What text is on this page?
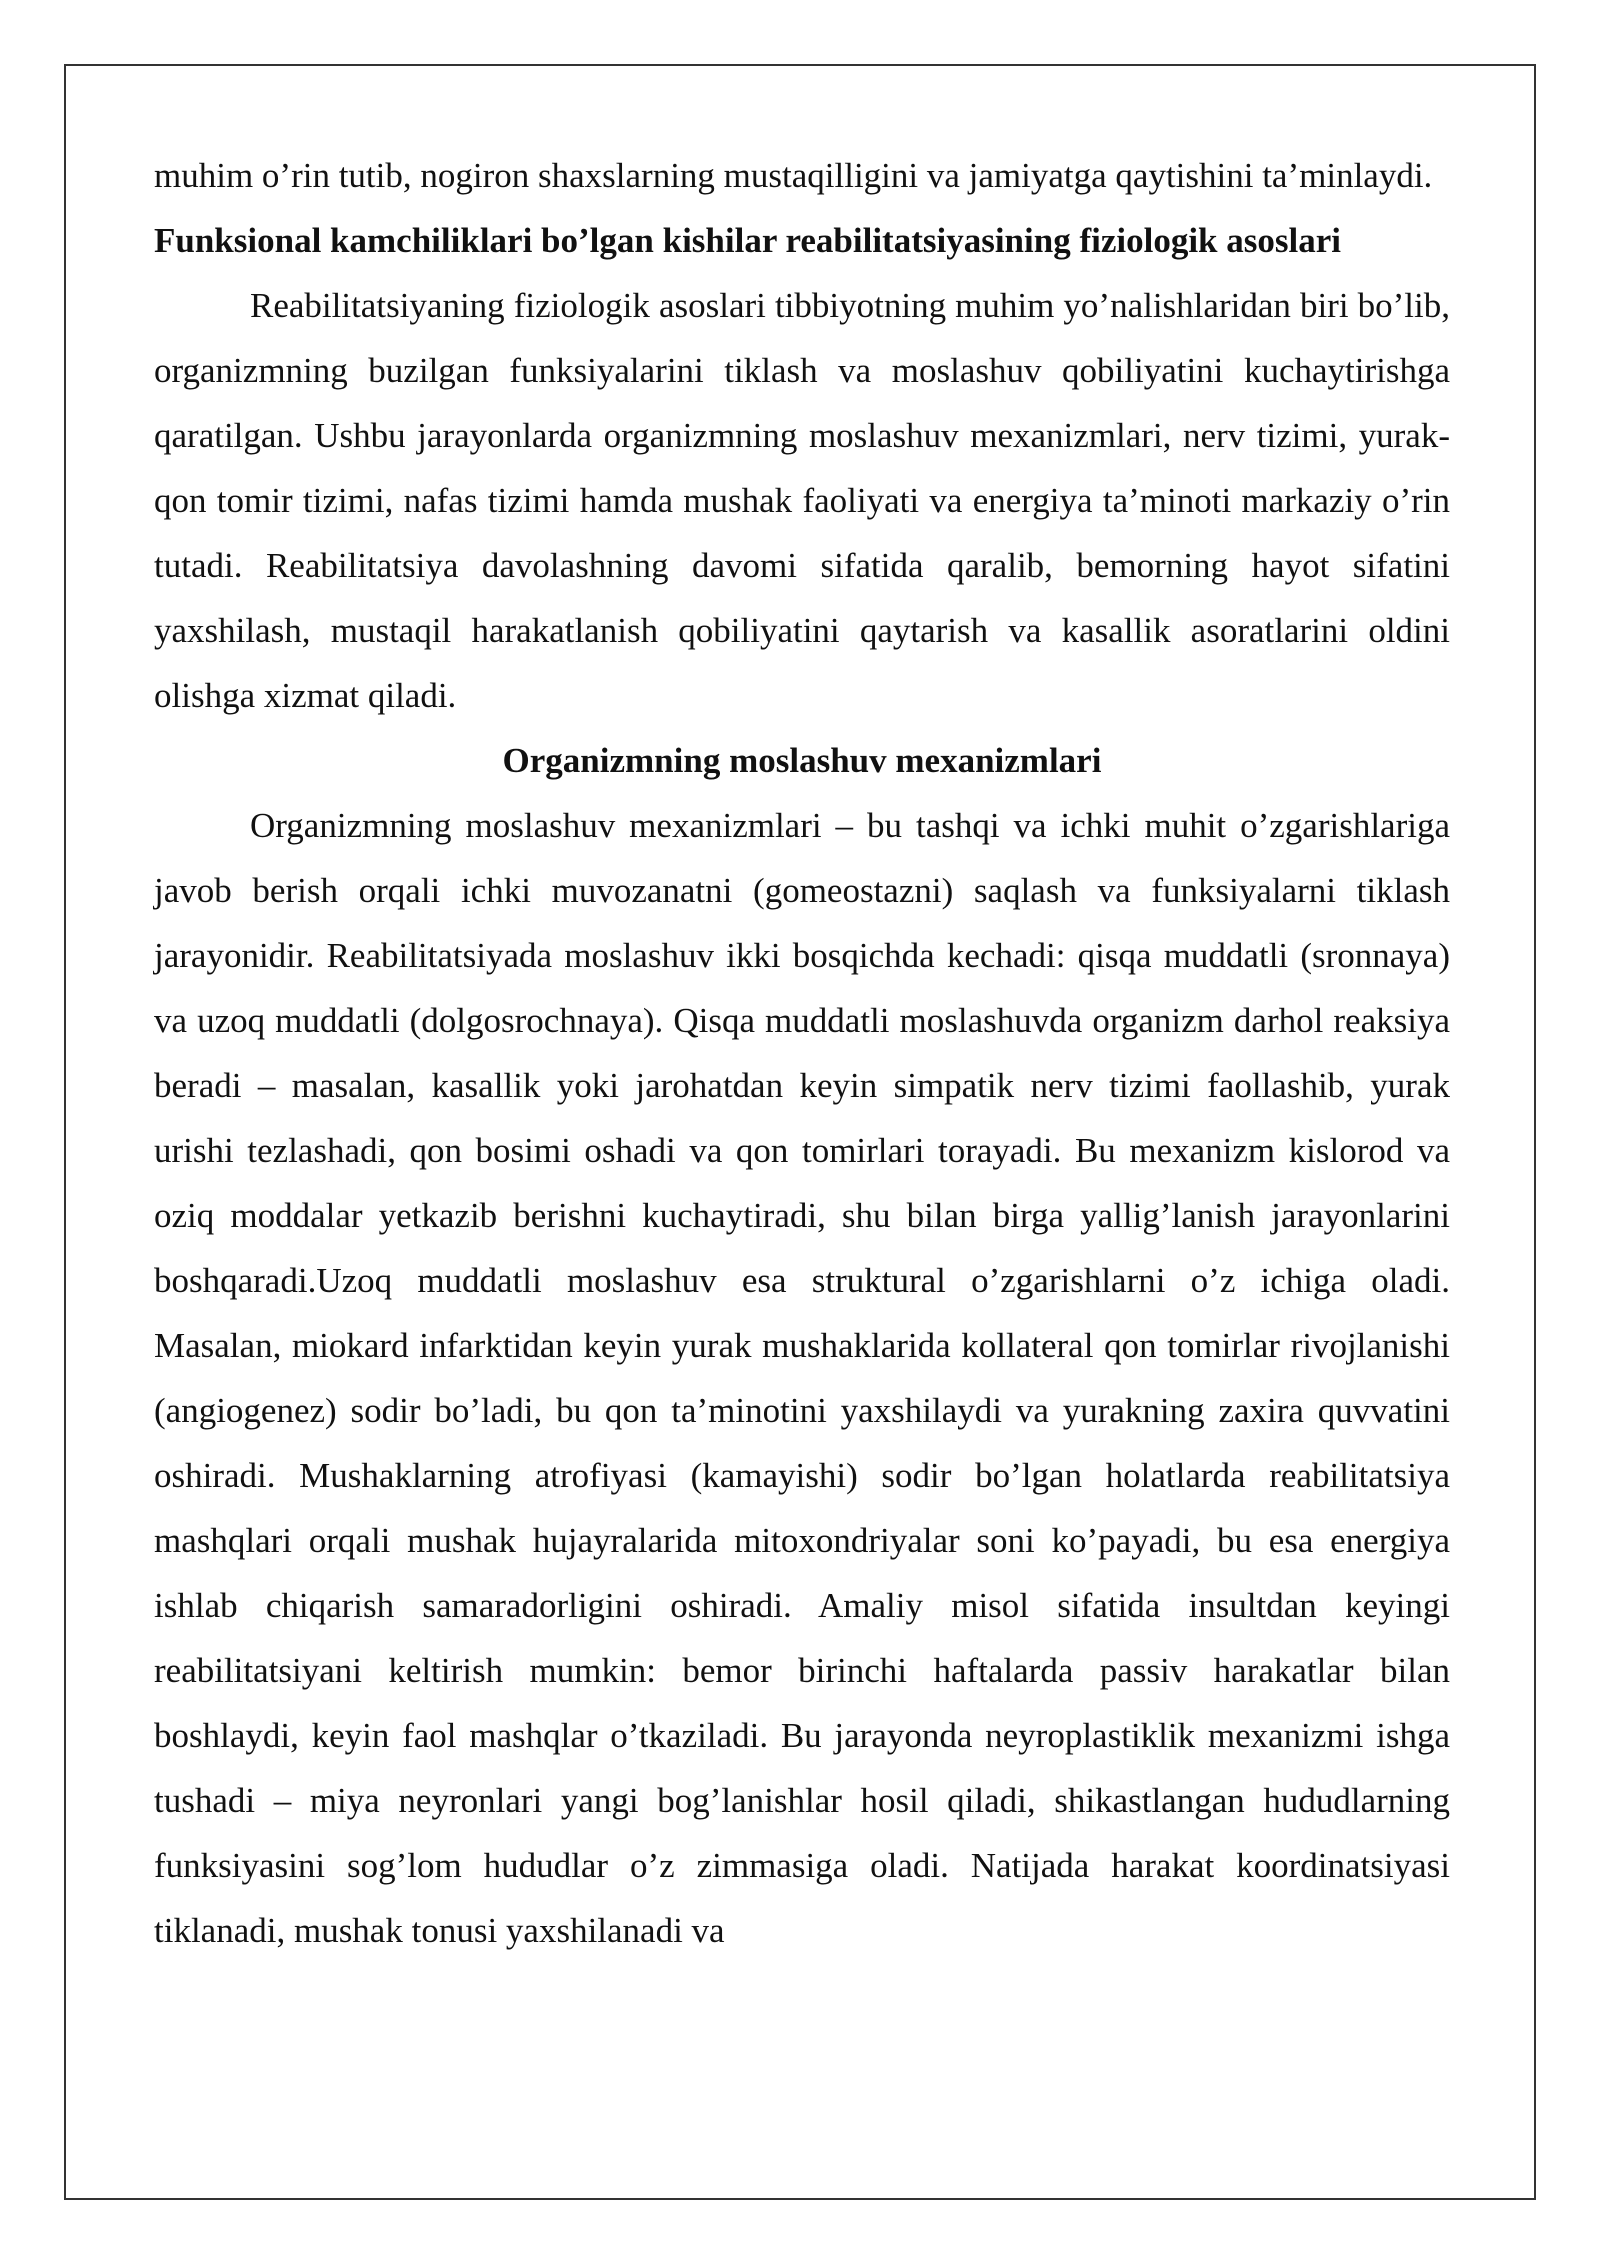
muhim o’rin tutib, nogiron shaxslarning mustaqilligini va jamiyatga qaytishini ta’minlaydi.

Funksional kamchiliklari bo’lgan kishilar reabilitatsiyasining fiziologik asoslari

Reabilitatsiyaning fiziologik asoslari tibbiyotning muhim yo’nalishlaridan biri bo’lib, organizmning buzilgan funksiyalarini tiklash va moslashuv qobiliyatini kuchaytirishga qaratilgan. Ushbu jarayonlarda organizmning moslashuv mexanizmlari, nerv tizimi, yurak-qon tomir tizimi, nafas tizimi hamda mushak faoliyati va energiya ta’minoti markaziy o’rin tutadi. Reabilitatsiya davolashning davomi sifatida qaralib, bemorning hayot sifatini yaxshilash, mustaqil harakatlanish qobiliyatini qaytarish va kasallik asoratlarini oldini olishga xizmat qiladi.

Organizmning moslashuv mexanizmlari

Organizmning moslashuv mexanizmlari – bu tashqi va ichki muhit o’zgarishlariga javob berish orqali ichki muvozanatni (gomeostazni) saqlash va funksiyalarni tiklash jarayonidir. Reabilitatsiyada moslashuv ikki bosqichda kechadi: qisqa muddatli (sronnaya) va uzoq muddatli (dolgosrochnaya). Qisqa muddatli moslashuvda organizm darhol reaksiya beradi – masalan, kasallik yoki jarohatdan keyin simpatik nerv tizimi faollashib, yurak urishi tezlashadi, qon bosimi oshadi va qon tomirlari torayadi. Bu mexanizm kislorod va oziq moddalar yetkazib berishni kuchaytiradi, shu bilan birga yallig’lanish jarayonlarini boshqaradi.Uzoq muddatli moslashuv esa struktural o’zgarishlarni o’z ichiga oladi. Masalan, miokard infarktidan keyin yurak mushaklarida kollateral qon tomirlar rivojlanishi (angiogenez) sodir bo’ladi, bu qon ta’minotini yaxshilaydi va yurakning zaxira quvvatini oshiradi. Mushaklarning atrofiyasi (kamayishi) sodir bo’lgan holatlarda reabilitatsiya mashqlari orqali mushak hujayralarida mitoxondriyalar soni ko’payadi, bu esa energiya ishlab chiqarish samaradorligini oshiradi. Amaliy misol sifatida insultdan keyingi reabilitatsiyani keltirish mumkin: bemor birinchi haftalarda passiv harakatlar bilan boshlaydi, keyin faol mashqlar o’tkaziladi. Bu jarayonda neyroplastiklik mexanizmi ishga tushadi – miya neyronlari yangi bog’lanishlar hosil qiladi, shikastlangan hududlarning funksiyasini sog’lom hududlar o’z zimmasiga oladi. Natijada harakat koordinatsiyasi tiklanadi, mushak tonusi yaxshilanadi va
